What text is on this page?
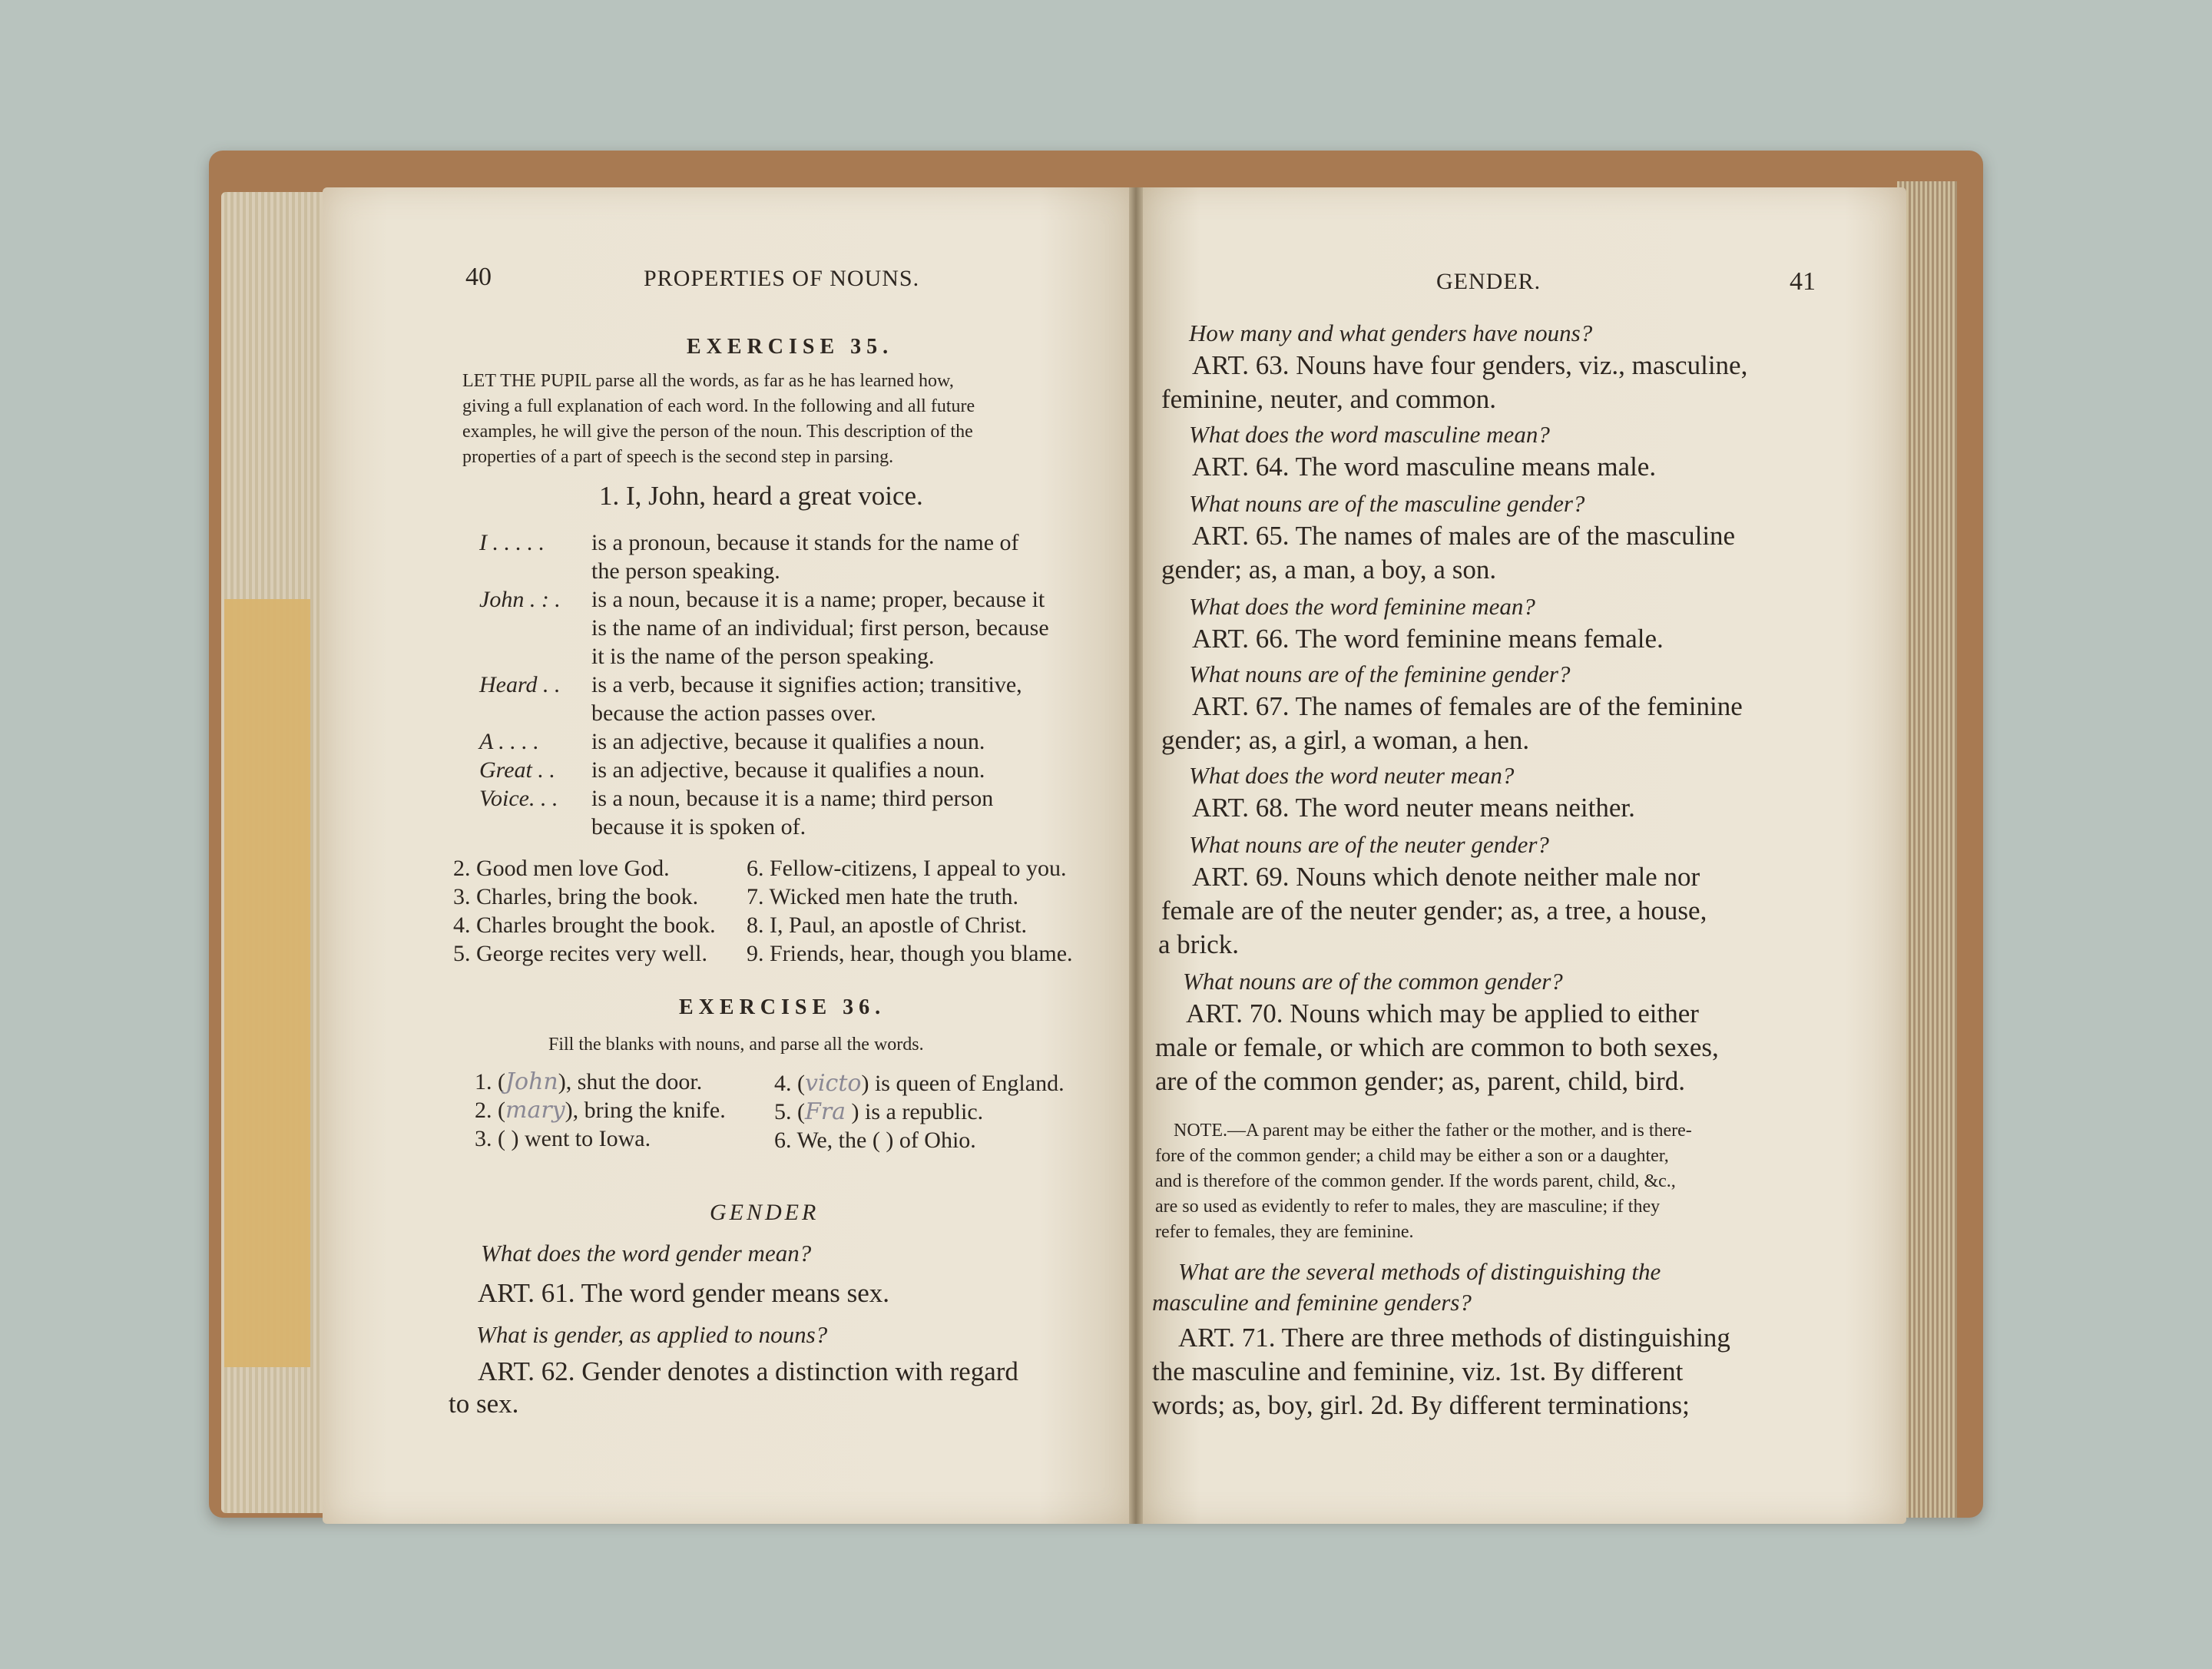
40	PROPERTIES OF NOUNS.
EXERCISE 35.
LET THE PUPIL parse all the words, as far as he has learned how,
giving a full explanation of each word. In the following and all future
examples, he will give the person of the noun. This description of the
properties of a part of speech is the second step in parsing.
1. I, John, heard a great voice.
I . . . . . is a pronoun, because it stands for the name of
the person speaking.
John . : . is a noun, because it is a name; proper, because it
is the name of an individual; first person, because
it is the name of the person speaking.
Heard . . is a verb, because it signifies action; transitive,
because the action passes over.
A . . . . is an adjective, because it qualifies a noun.
Great . . is an adjective, because it qualifies a noun.
Voice. . . is a noun, because it is a name; third person
because it is spoken of.
2. Good men love God.
3. Charles, bring the book.
4. Charles brought the book.
5. George recites very well.
6. Fellow-citizens, I appeal to you.
7. Wicked men hate the truth.
8. I, Paul, an apostle of Christ.
9. Friends, hear, though you blame.
EXERCISE 36.
Fill the blanks with nouns, and parse all the words.
1. (John), shut the door.
2. (mary), bring the knife.
3. ( ) went to Iowa.
4. (victo) is queen of England.
5. (Fra ) is a republic.
6. We, the ( ) of Ohio.
GENDER
What does the word gender mean?
ART. 61. The word gender means sex.
What is gender, as applied to nouns?
ART. 62. Gender denotes a distinction with regard
to sex.
GENDER.	41
How many and what genders have nouns?
ART. 63. Nouns have four genders, viz., masculine,
feminine, neuter, and common.
What does the word masculine mean?
ART. 64. The word masculine means male.
What nouns are of the masculine gender?
ART. 65. The names of males are of the masculine
gender; as, a man, a boy, a son.
What does the word feminine mean?
ART. 66. The word feminine means female.
What nouns are of the feminine gender?
ART. 67. The names of females are of the feminine
gender; as, a girl, a woman, a hen.
What does the word neuter mean?
ART. 68. The word neuter means neither.
What nouns are of the neuter gender?
ART. 69. Nouns which denote neither male nor
female are of the neuter gender; as, a tree, a house,
a brick.
What nouns are of the common gender?
ART. 70. Nouns which may be applied to either
male or female, or which are common to both sexes,
are of the common gender; as, parent, child, bird.
NOTE.—A parent may be either the father or the mother, and is there-
fore of the common gender; a child may be either a son or a daughter,
and is therefore of the common gender. If the words parent, child, &c.,
are so used as evidently to refer to males, they are masculine; if they
refer to females, they are feminine.
What are the several methods of distinguishing the
masculine and feminine genders?
ART. 71. There are three methods of distinguishing
the masculine and feminine, viz. 1st. By different
words; as, boy, girl. 2d. By different terminations;
